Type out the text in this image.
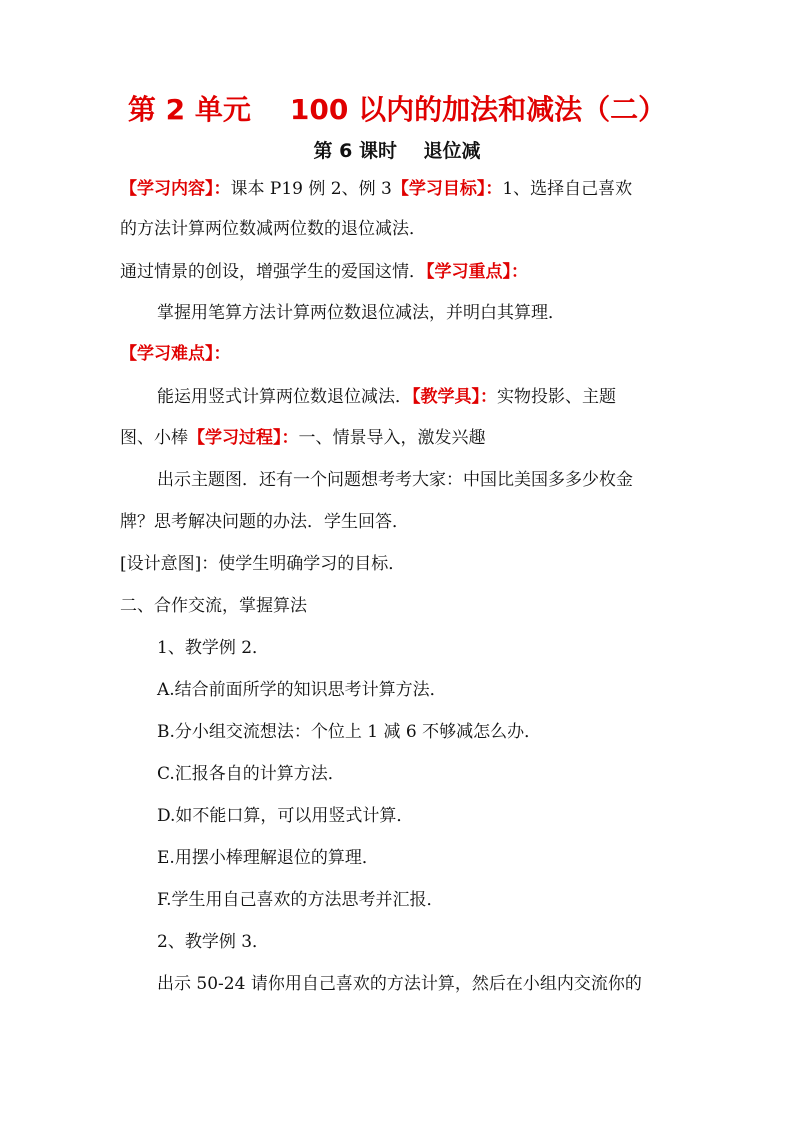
第 2 单元    100 以内的加法和减法（二）
第 6 课时    退位减
【学习内容】：课本 P19 例 2、例 3【学习目标】：1、选择自己喜欢
的方法计算两位数减两位数的退位减法．
通过情景的创设，增强学生的爱国这情．【学习重点】：
掌握用笔算方法计算两位数退位减法，并明白其算理．
【学习难点】：
能运用竖式计算两位数退位减法．【教学具】：实物投影、主题
图、小棒【学习过程】：一、情景导入，激发兴趣
出示主题图．还有一个问题想考考大家：中国比美国多多少枚金
牌？思考解决问题的办法．学生回答．
[设计意图]：使学生明确学习的目标．
二、合作交流，掌握算法
1、教学例 2．
A.结合前面所学的知识思考计算方法．
B.分小组交流想法：个位上 1 减 6 不够减怎么办．
C.汇报各自的计算方法．
D.如不能口算，可以用竖式计算．
E.用摆小棒理解退位的算理．
F.学生用自己喜欢的方法思考并汇报．
2、教学例 3．
出示 50-24 请你用自己喜欢的方法计算，然后在小组内交流你的
